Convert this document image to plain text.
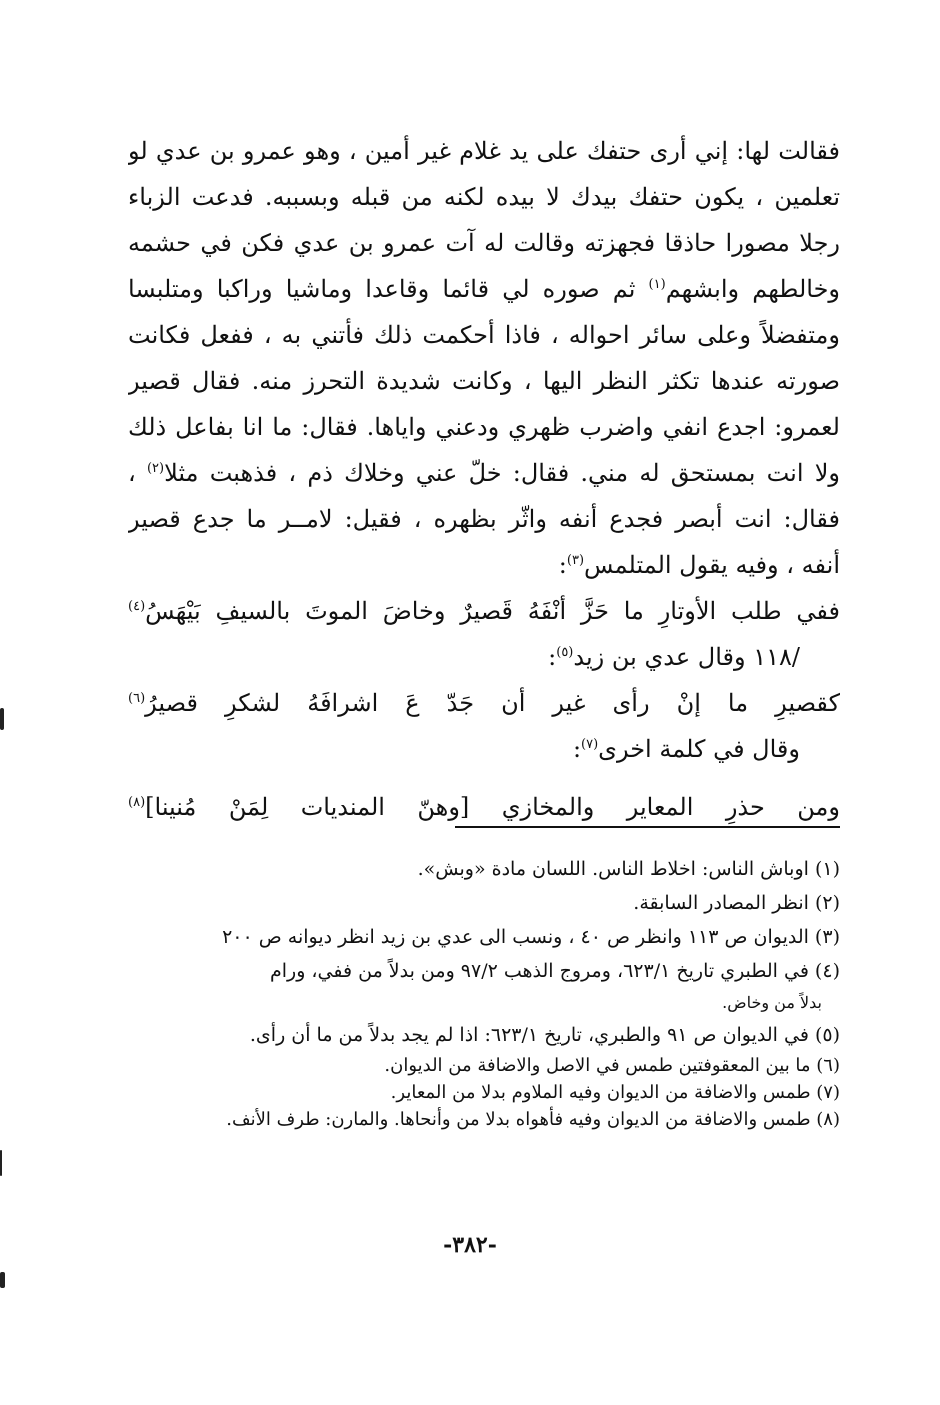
فقالت لها: إني أرى حتفك على يد غلام غير أمين ، وهو عمرو بن عدي لو
تعلمين ، يكون حتفك بيدك لا بيده لكنه من قبله وبسببه. فدعت الزباء
رجلا مصورا حاذقا فجهزته وقالت له آت عمرو بن عدي فكن في حشمه
وخالطهم وابشهم$^{(١)}$ ثم صوره لي قائما وقاعدا وماشيا وراكبا ومتلبسا
ومتفضلاً وعلى سائر احواله ، فاذا أحكمت ذلك فأتني به ، ففعل فكانت
صورته عندها تكثر النظر اليها ، وكانت شديدة التحرز منه. فقال قصير
لعمرو: اجدع انفي واضرب ظهري ودعني واياها. فقال: ما انا بفاعل ذلك
ولا انت بمستحق له مني. فقال: خلّ عني وخلاك ذم ، فذهبت مثلا$^{(٢)}$ ،
فقال: انت أبصر فجدع أنفه واثّر بظهره ، فقيل: لامــر ما جدع قصير
أنفه ، وفيه يقول المتلمس$^{(٣)}$:
ففي طلب الأوتارِ ما حَزَّ أنْفَهُ قَصيرٌ وخاضَ الموتَ بالسيفِ بَيْهَسُ$^{(٤)}$
/١١٨ وقال عدي بن زيد$^{(٥)}$:
كقصيرِ ما إنْ رأى غير أن جَدّ عَ اشرافَهُ لشكرِ قصيرُ$^{(٦)}$
وقال في كلمة اخرى$^{(٧)}$:
ومن حذرِ المعاير والمخازي [وهنّ المنديات لِمَنْ مُنينا]$^{(٨)}$
(١) اوباش الناس: اخلاط الناس. اللسان مادة «وبش».
(٢) انظر المصادر السابقة.
(٣) الديوان ص ١١٣ وانظر ص ٤٠ ، ونسب الى عدي بن زيد انظر ديوانه ص ٢٠٠
(٤) في الطبري تاريخ ٦٢٣/١، ومروج الذهب ٩٧/٢ ومن بدلاً من ففي، ورام
بدلاً من وخاض.
(٥) في الديوان ص ٩١ والطبري، تاريخ ٦٢٣/١: اذا لم يجد بدلاً من ما أن رأى.
(٦) ما بين المعقوفتين طمس في الاصل والاضافة من الديوان.
(٧) طمس والاضافة من الديوان وفيه الملاوم بدلا من المعاير.
(٨) طمس والاضافة من الديوان وفيه فأهواه بدلا من وأنحاها. والمارن: طرف الأنف.
-٣٨٢-
